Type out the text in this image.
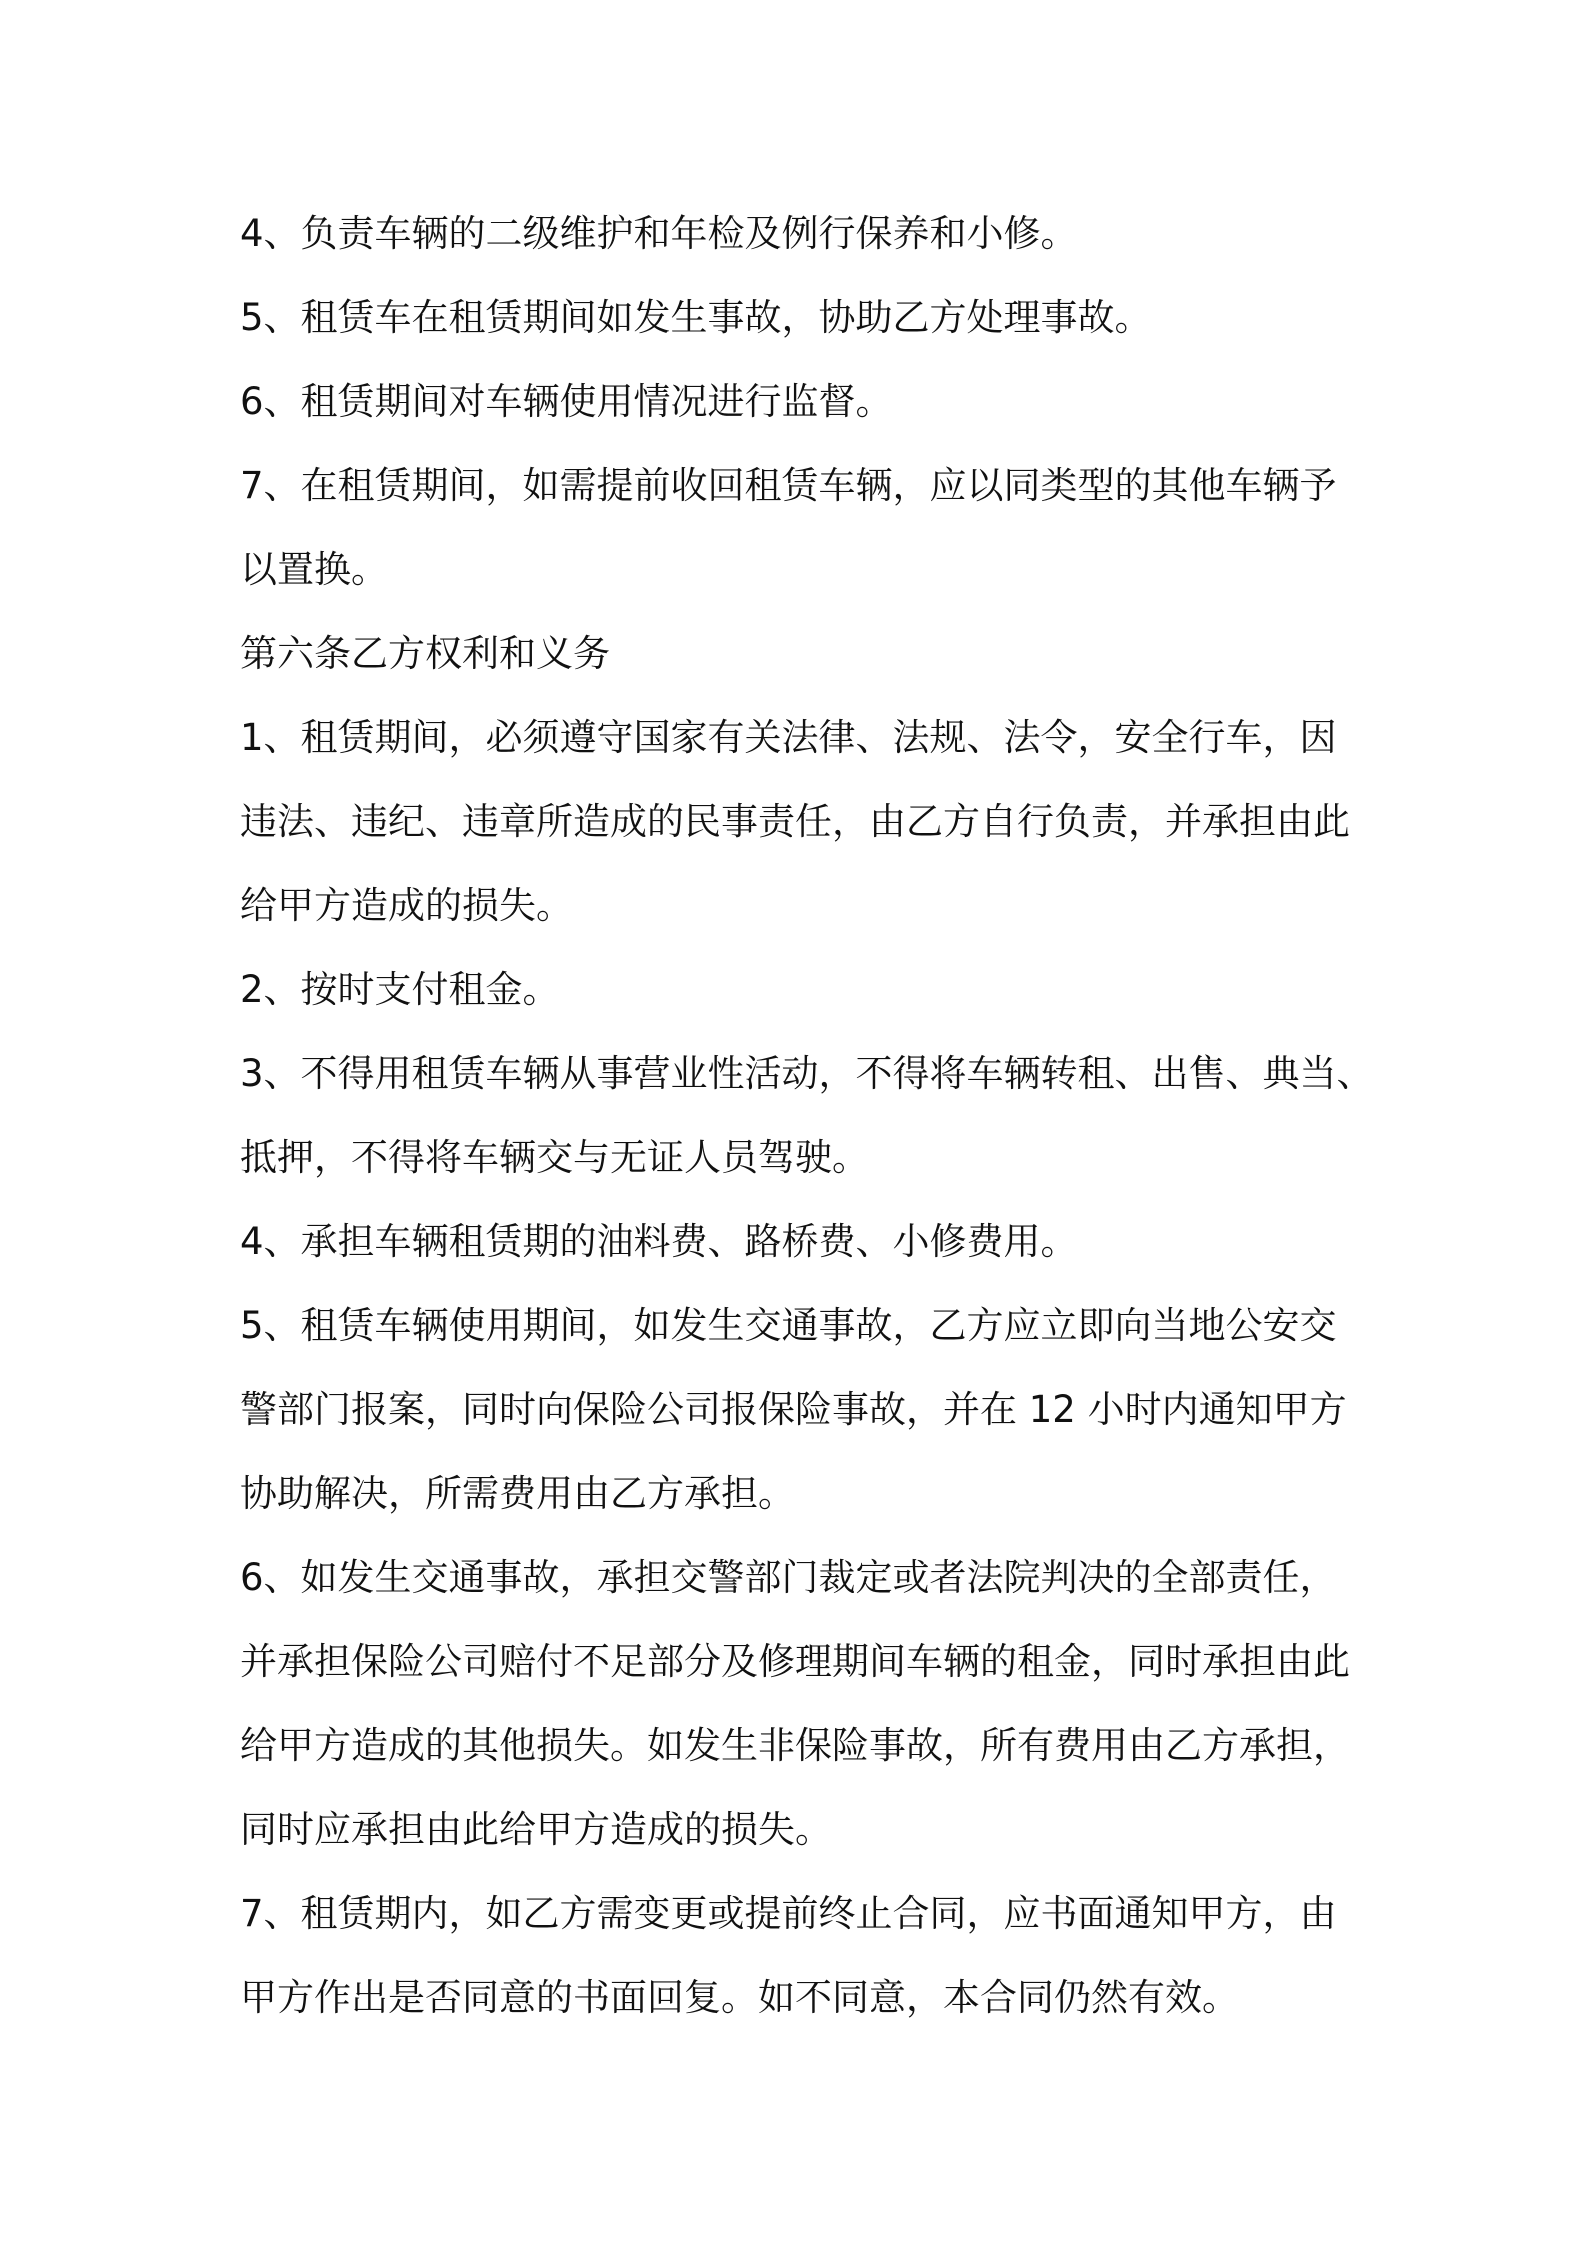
4、负责车辆的二级维护和年检及例行保养和小修。
5、租赁车在租赁期间如发生事故，协助乙方处理事故。
6、租赁期间对车辆使用情况进行监督。
7、在租赁期间，如需提前收回租赁车辆，应以同类型的其他车辆予
以置换。
第六条乙方权利和义务
1、租赁期间，必须遵守国家有关法律、法规、法令，安全行车，因
违法、违纪、违章所造成的民事责任，由乙方自行负责，并承担由此
给甲方造成的损失。
2、按时支付租金。
3、不得用租赁车辆从事营业性活动，不得将车辆转租、出售、典当、
抵押，不得将车辆交与无证人员驾驶。
4、承担车辆租赁期的油料费、路桥费、小修费用。
5、租赁车辆使用期间，如发生交通事故，乙方应立即向当地公安交
警部门报案，同时向保险公司报保险事故，并在 12 小时内通知甲方
协助解决，所需费用由乙方承担。
6、如发生交通事故，承担交警部门裁定或者法院判决的全部责任，
并承担保险公司赔付不足部分及修理期间车辆的租金，同时承担由此
给甲方造成的其他损失。如发生非保险事故，所有费用由乙方承担，
同时应承担由此给甲方造成的损失。
7、租赁期内，如乙方需变更或提前终止合同，应书面通知甲方，由
甲方作出是否同意的书面回复。如不同意，本合同仍然有效。
